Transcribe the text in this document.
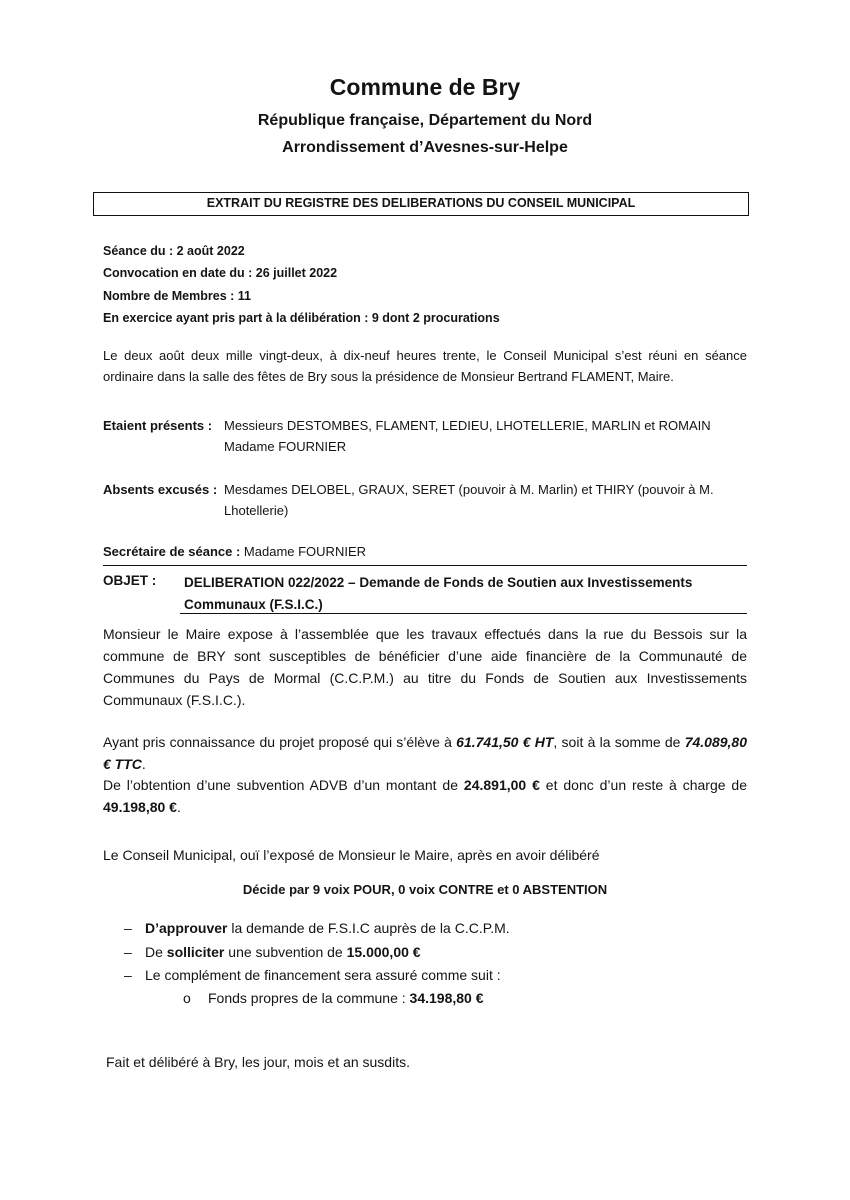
Commune de Bry
République française, Département du Nord
Arrondissement d’Avesnes-sur-Helpe
EXTRAIT DU REGISTRE DES DELIBERATIONS DU CONSEIL MUNICIPAL
Séance du : 2 août 2022
Convocation en date du : 26 juillet 2022
Nombre de Membres : 11
En exercice ayant pris part à la délibération : 9 dont 2 procurations
Le deux août deux mille vingt-deux, à dix-neuf heures trente, le Conseil Municipal s’est réuni en séance ordinaire dans la salle des fêtes de Bry sous la présidence de Monsieur Bertrand FLAMENT, Maire.
Etaient présents : Messieurs DESTOMBES, FLAMENT, LEDIEU, LHOTELLERIE, MARLIN et ROMAIN
Madame FOURNIER
Absents excusés : Mesdames DELOBEL, GRAUX, SERET (pouvoir à M. Marlin) et THIRY (pouvoir à M.
Lhotellerie)
Secrétaire de séance : Madame FOURNIER
OBJET : DELIBERATION 022/2022 – Demande de Fonds de Soutien aux Investissements
Communaux (F.S.I.C.)
Monsieur le Maire expose à l’assemblée que les travaux effectués dans la rue du Bessois sur la commune de BRY sont susceptibles de bénéficier d’une aide financière de la Communauté de Communes du Pays de Mormal (C.C.P.M.) au titre du Fonds de Soutien aux Investissements Communaux (F.S.I.C.).
Ayant pris connaissance du projet proposé qui s’élève à 61.741,50 € HT, soit à la somme de 74.089,80 € TTC.
De l’obtention d’une subvention ADVB d’un montant de 24.891,00 € et donc d’un reste à charge de 49.198,80 €.
Le Conseil Municipal, ouï l’exposé de Monsieur le Maire, après en avoir délibéré
Décide par 9 voix POUR, 0 voix CONTRE et 0 ABSTENTION
– D’approuver la demande de F.S.I.C auprès de la C.C.P.M.
– De solliciter une subvention de 15.000,00 €
– Le complément de financement sera assuré comme suit :
o Fonds propres de la commune : 34.198,80 €
Fait et délibéré à Bry, les jour, mois et an susdits.
